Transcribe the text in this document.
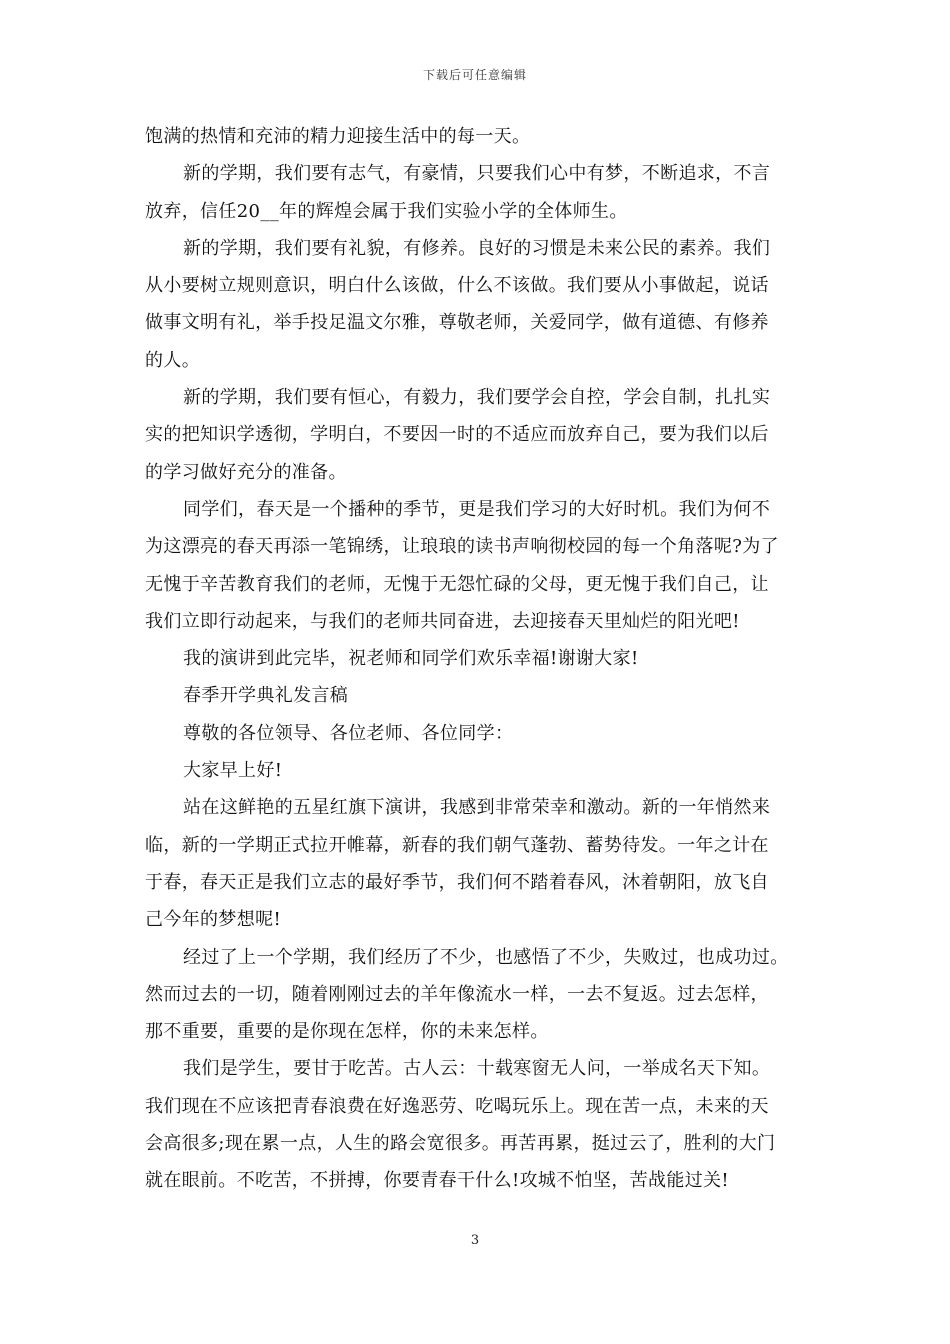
下载后可任意编辑
饱满的热情和充沛的精力迎接生活中的每一天。
新的学期，我们要有志气，有豪情，只要我们心中有梦，不断追求，不言
放弃，信任20__年的辉煌会属于我们实验小学的全体师生。
新的学期，我们要有礼貌，有修养。良好的习惯是未来公民的素养。我们
从小要树立规则意识，明白什么该做，什么不该做。我们要从小事做起，说话
做事文明有礼，举手投足温文尔雅，尊敬老师，关爱同学，做有道德、有修养
的人。
新的学期，我们要有恒心，有毅力，我们要学会自控，学会自制，扎扎实
实的把知识学透彻，学明白，不要因一时的不适应而放弃自己，要为我们以后
的学习做好充分的准备。
同学们，春天是一个播种的季节，更是我们学习的大好时机。我们为何不
为这漂亮的春天再添一笔锦绣，让琅琅的读书声响彻校园的每一个角落呢?为了
无愧于辛苦教育我们的老师，无愧于无怨忙碌的父母，更无愧于我们自己，让
我们立即行动起来，与我们的老师共同奋进，去迎接春天里灿烂的阳光吧!
我的演讲到此完毕，祝老师和同学们欢乐幸福!谢谢大家!
春季开学典礼发言稿
尊敬的各位领导、各位老师、各位同学：
大家早上好!
站在这鲜艳的五星红旗下演讲，我感到非常荣幸和激动。新的一年悄然来
临，新的一学期正式拉开帷幕，新春的我们朝气蓬勃、蓄势待发。一年之计在
于春，春天正是我们立志的最好季节，我们何不踏着春风，沐着朝阳，放飞自
己今年的梦想呢!
经过了上一个学期，我们经历了不少，也感悟了不少，失败过，也成功过。
然而过去的一切，随着刚刚过去的羊年像流水一样，一去不复返。过去怎样，
那不重要，重要的是你现在怎样，你的未来怎样。
我们是学生，要甘于吃苦。古人云：十载寒窗无人问，一举成名天下知。
我们现在不应该把青春浪费在好逸恶劳、吃喝玩乐上。现在苦一点，未来的天
会高很多;现在累一点，人生的路会宽很多。再苦再累，挺过云了，胜利的大门
就在眼前。不吃苦，不拼搏，你要青春干什么!攻城不怕坚，苦战能过关!
3
